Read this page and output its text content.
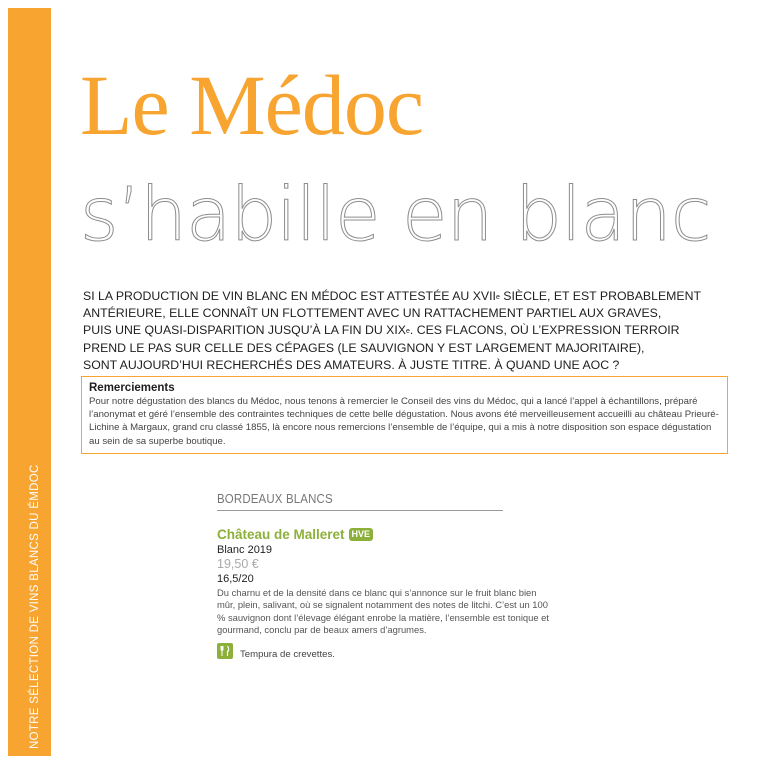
NOTRE SÉLECTION DE VINS BLANCS DU ÉMDOC
Le Médoc
s’habille en blanc
SI LA PRODUCTION DE VIN BLANC EN MÉDOC EST ATTESTÉE AU XVIIe SIÈCLE, ET EST PROBABLEMENT
ANTÉRIEURE, ELLE CONNAÎT UN FLOTTEMENT AVEC UN RATTACHEMENT PARTIEL AUX GRAVES,
PUIS UNE QUASI-DISPARITION JUSQU’À LA FIN DU XIXe. CES FLACONS, OÙ L’EXPRESSION TERROIR
PREND LE PAS SUR CELLE DES CÉPAGES (LE SAUVIGNON Y EST LARGEMENT MAJORITAIRE),
SONT AUJOURD’HUI RECHERCHÉS DES AMATEURS. À JUSTE TITRE. À QUAND UNE AOC ?
Remerciements
Pour notre dégustation des blancs du Médoc, nous tenons à remercier le Conseil des vins du Médoc, qui a lancé l’appel à échantillons, préparé l’anonymat et géré l’ensemble des contraintes techniques de cette belle dégustation. Nous avons été merveilleusement accueilli au château Prieuré-Lichine à Margaux, grand cru classé 1855, là encore nous remercions l’ensemble de l’équipe, qui a mis à notre disposition son espace dégustation au sein de sa superbe boutique.
BORDEAUX BLANCS
Château de Malleret HVE
Blanc 2019
19,50 €
16,5/20
Du charnu et de la densité dans ce blanc qui s’annonce sur le fruit blanc bien mûr, plein, salivant, où se signalent notamment des notes de litchi. C’est un 100 % sauvignon dont l’élevage élégant enrobe la matière, l’ensemble est tonique et gourmand, conclu par de beaux amers d’agrumes.
Tempura de crevettes.
